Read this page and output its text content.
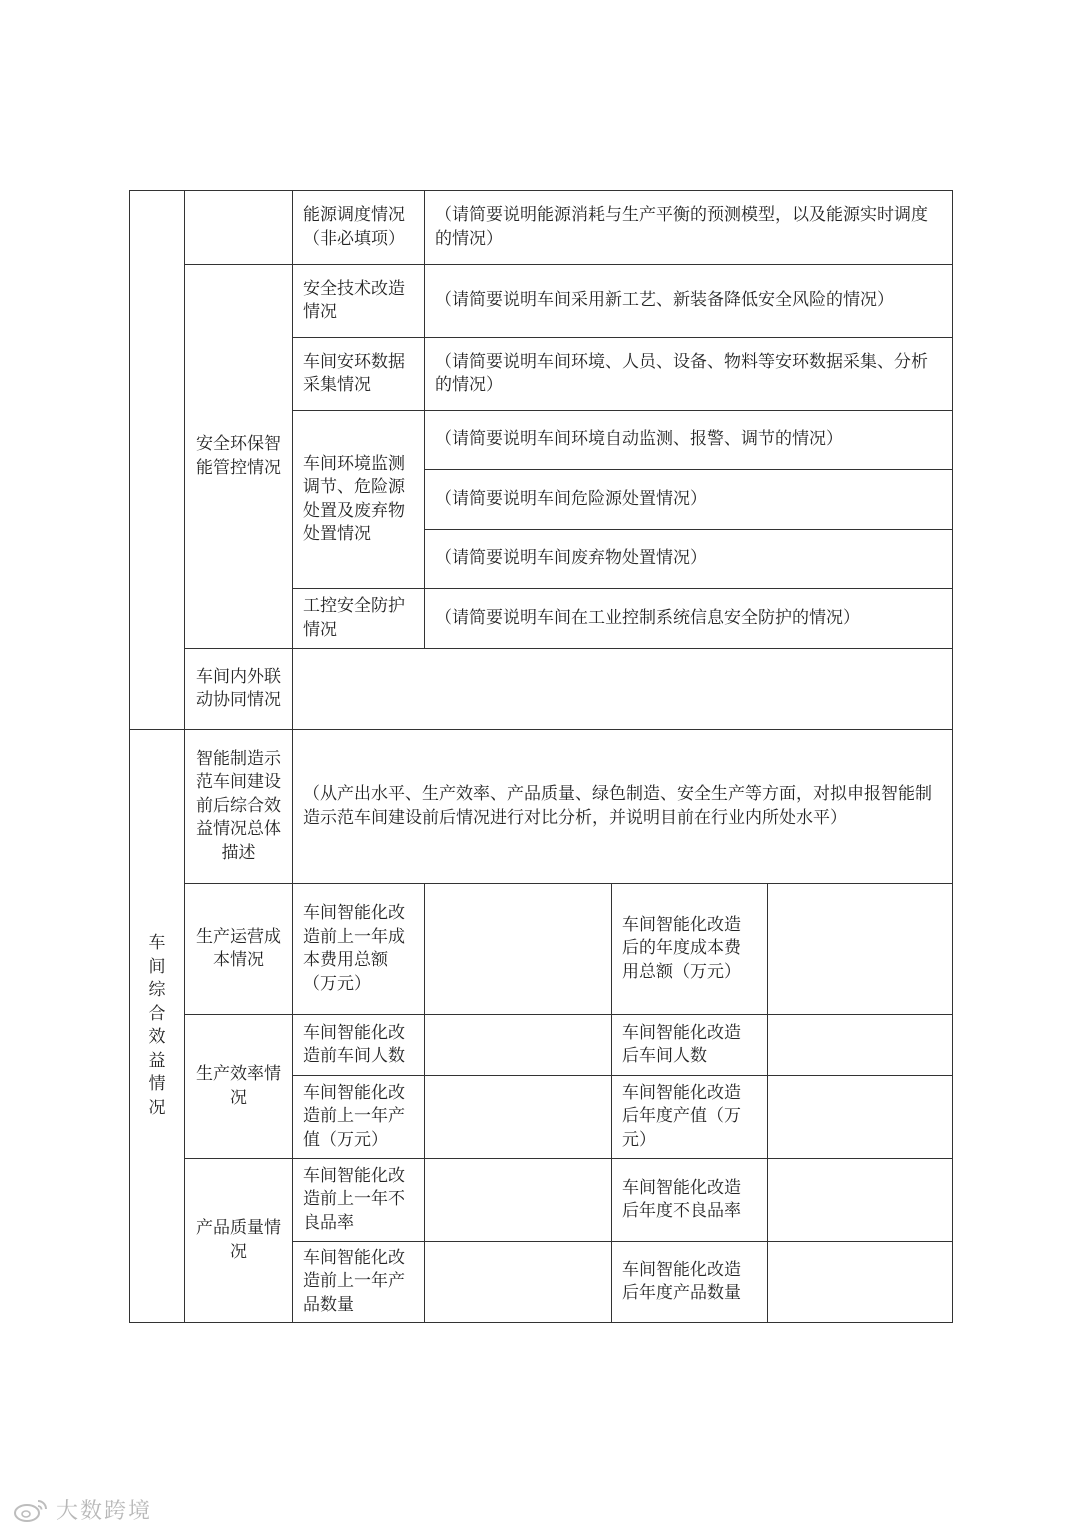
		能源调度情况（非必填项）	（请简要说明能源消耗与生产平衡的预测模型，以及能源实时调度的情况）		
	安全环保智能管控情况	安全技术改造情况	（请简要说明车间采用新工艺、新装备降低安全风险的情况）		
		车间安环数据采集情况	（请简要说明车间环境、人员、设备、物料等安环数据采集、分析的情况）		
		车间环境监测调节、危险源处置及废弃物处置情况	（请简要说明车间环境自动监测、报警、调节的情况）		
			（请简要说明车间危险源处置情况）		
			（请简要说明车间废弃物处置情况）		
		工控安全防护情况	（请简要说明车间在工业控制系统信息安全防护的情况）		
	车间内外联动协同情况				
车间综合效益情况	智能制造示范车间建设前后综合效益情况总体描述	（从产出水平、生产效率、产品质量、绿色制造、安全生产等方面，对拟申报智能制造示范车间建设前后情况进行对比分析，并说明目前在行业内所处水平）			
	生产运营成本情况	车间智能化改造前上一年成本费用总额（万元）		车间智能化改造后的年度成本费用总额（万元）	
	生产效率情况	车间智能化改造前车间人数		车间智能化改造后车间人数	
		车间智能化改造前上一年产值（万元）		车间智能化改造后年度产值（万元）	
	产品质量情况	车间智能化改造前上一年不良品率		车间智能化改造后年度不良品率	
		车间智能化改造前上一年产品数量		车间智能化改造后年度产品数量	
大数跨境
